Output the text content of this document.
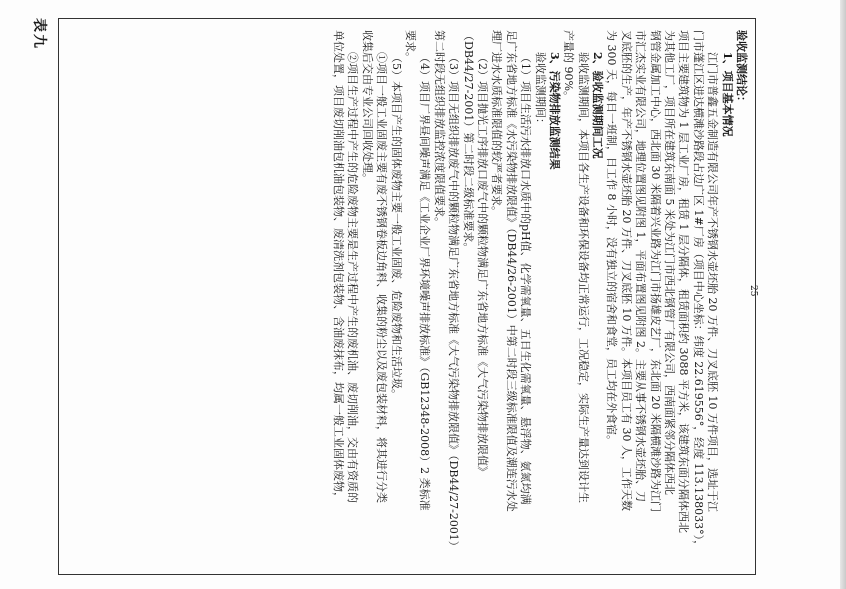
表九
25
验收监测结论：
1、项目基本情况
江门市普鑫五金制造有限公司年产不锈钢水壶坯胎 20 万件、刀叉底胚 10 万件项目，选址于江
门市蓬江区进达横滩沙路段占边广区 1#厂房（项目中心坐标：纬度 22.619556°，经度 113.138033°），
项目主要建筑物为 1 层工业厂房，租赁 1 层分隔体，租赁面积约 3088 平方米，该建筑东面分隔体西北
为其他工厂，项目所在建筑东南面 5 米处为江门市西北钢管厂有限公司，西南面紧邻分隔体西北
钢管金属加工中心，西北面 30 米隔着兴业路为江门市扬雄皮艺厂，东北面 20 米隔横滩沙路为江门
市汇杰实业有限公司，地理位置图见附图 1，平面布置图见附图 2。主要从事不锈钢水壶坯胎、刀
叉底胚的生产，年产不锈钢水壶坯胎 20 万件、刀叉底胚 10 万件。本项目员工有 30 人，工作天数
为 300 天，每日一班制，日工作 8 小时，没有独立的宿舍和食堂，员工均在外食宿。
2、验收监测期间工况
验收监测期间，本项目各生产设备和环保设备均正常运行，工况稳定，实际生产量达到设计生
产量的 90%。
3、污染物排放监测结果
验收监测期间：
（1）项目生活污水排放口水质中的pH值、化学需氧量、五日生化需氧量、悬浮物、氨氮均满
足广东省地方标准《水污染物排放限值》（DB44/26-2001）中第二时段三级标准限值及潮连污水处
理厂进水水质标准限值的较严者要求。
（2）项目抛光工序排放口废气中的颗粒物满足广东省地方标准《大气污染物排放限值》
（DB44/27-2001）第二时段二级标准要求。
（3）项目无组织排放废气中的颗粒物满足广东省地方标准《大气污染物排放限值》（DB44/27-2001）
第二时段无组织排放监控浓度限值要求。
（4）项目厂界昼间噪声满足《工业企业厂界环境噪声排放标准》（GB12348-2008）2 类标准
要求。
（5）本项目产生的固体废物主要一般工业固废、危险废物和生活垃圾。
①项目一般工业固废主要有废不锈钢卷板边角料、收集的粉尘以及废包装材料，将其进行分类
收集后交由专业公司回收处理。
②项目生产过程中产生的危险废物主要是生产过程中产生的废机油、废切削油，交由有资质的
单位处置，项目废切削油包机油包装物、废清洗剂包装物、含油废抹布，均属一般工业固体废物，
